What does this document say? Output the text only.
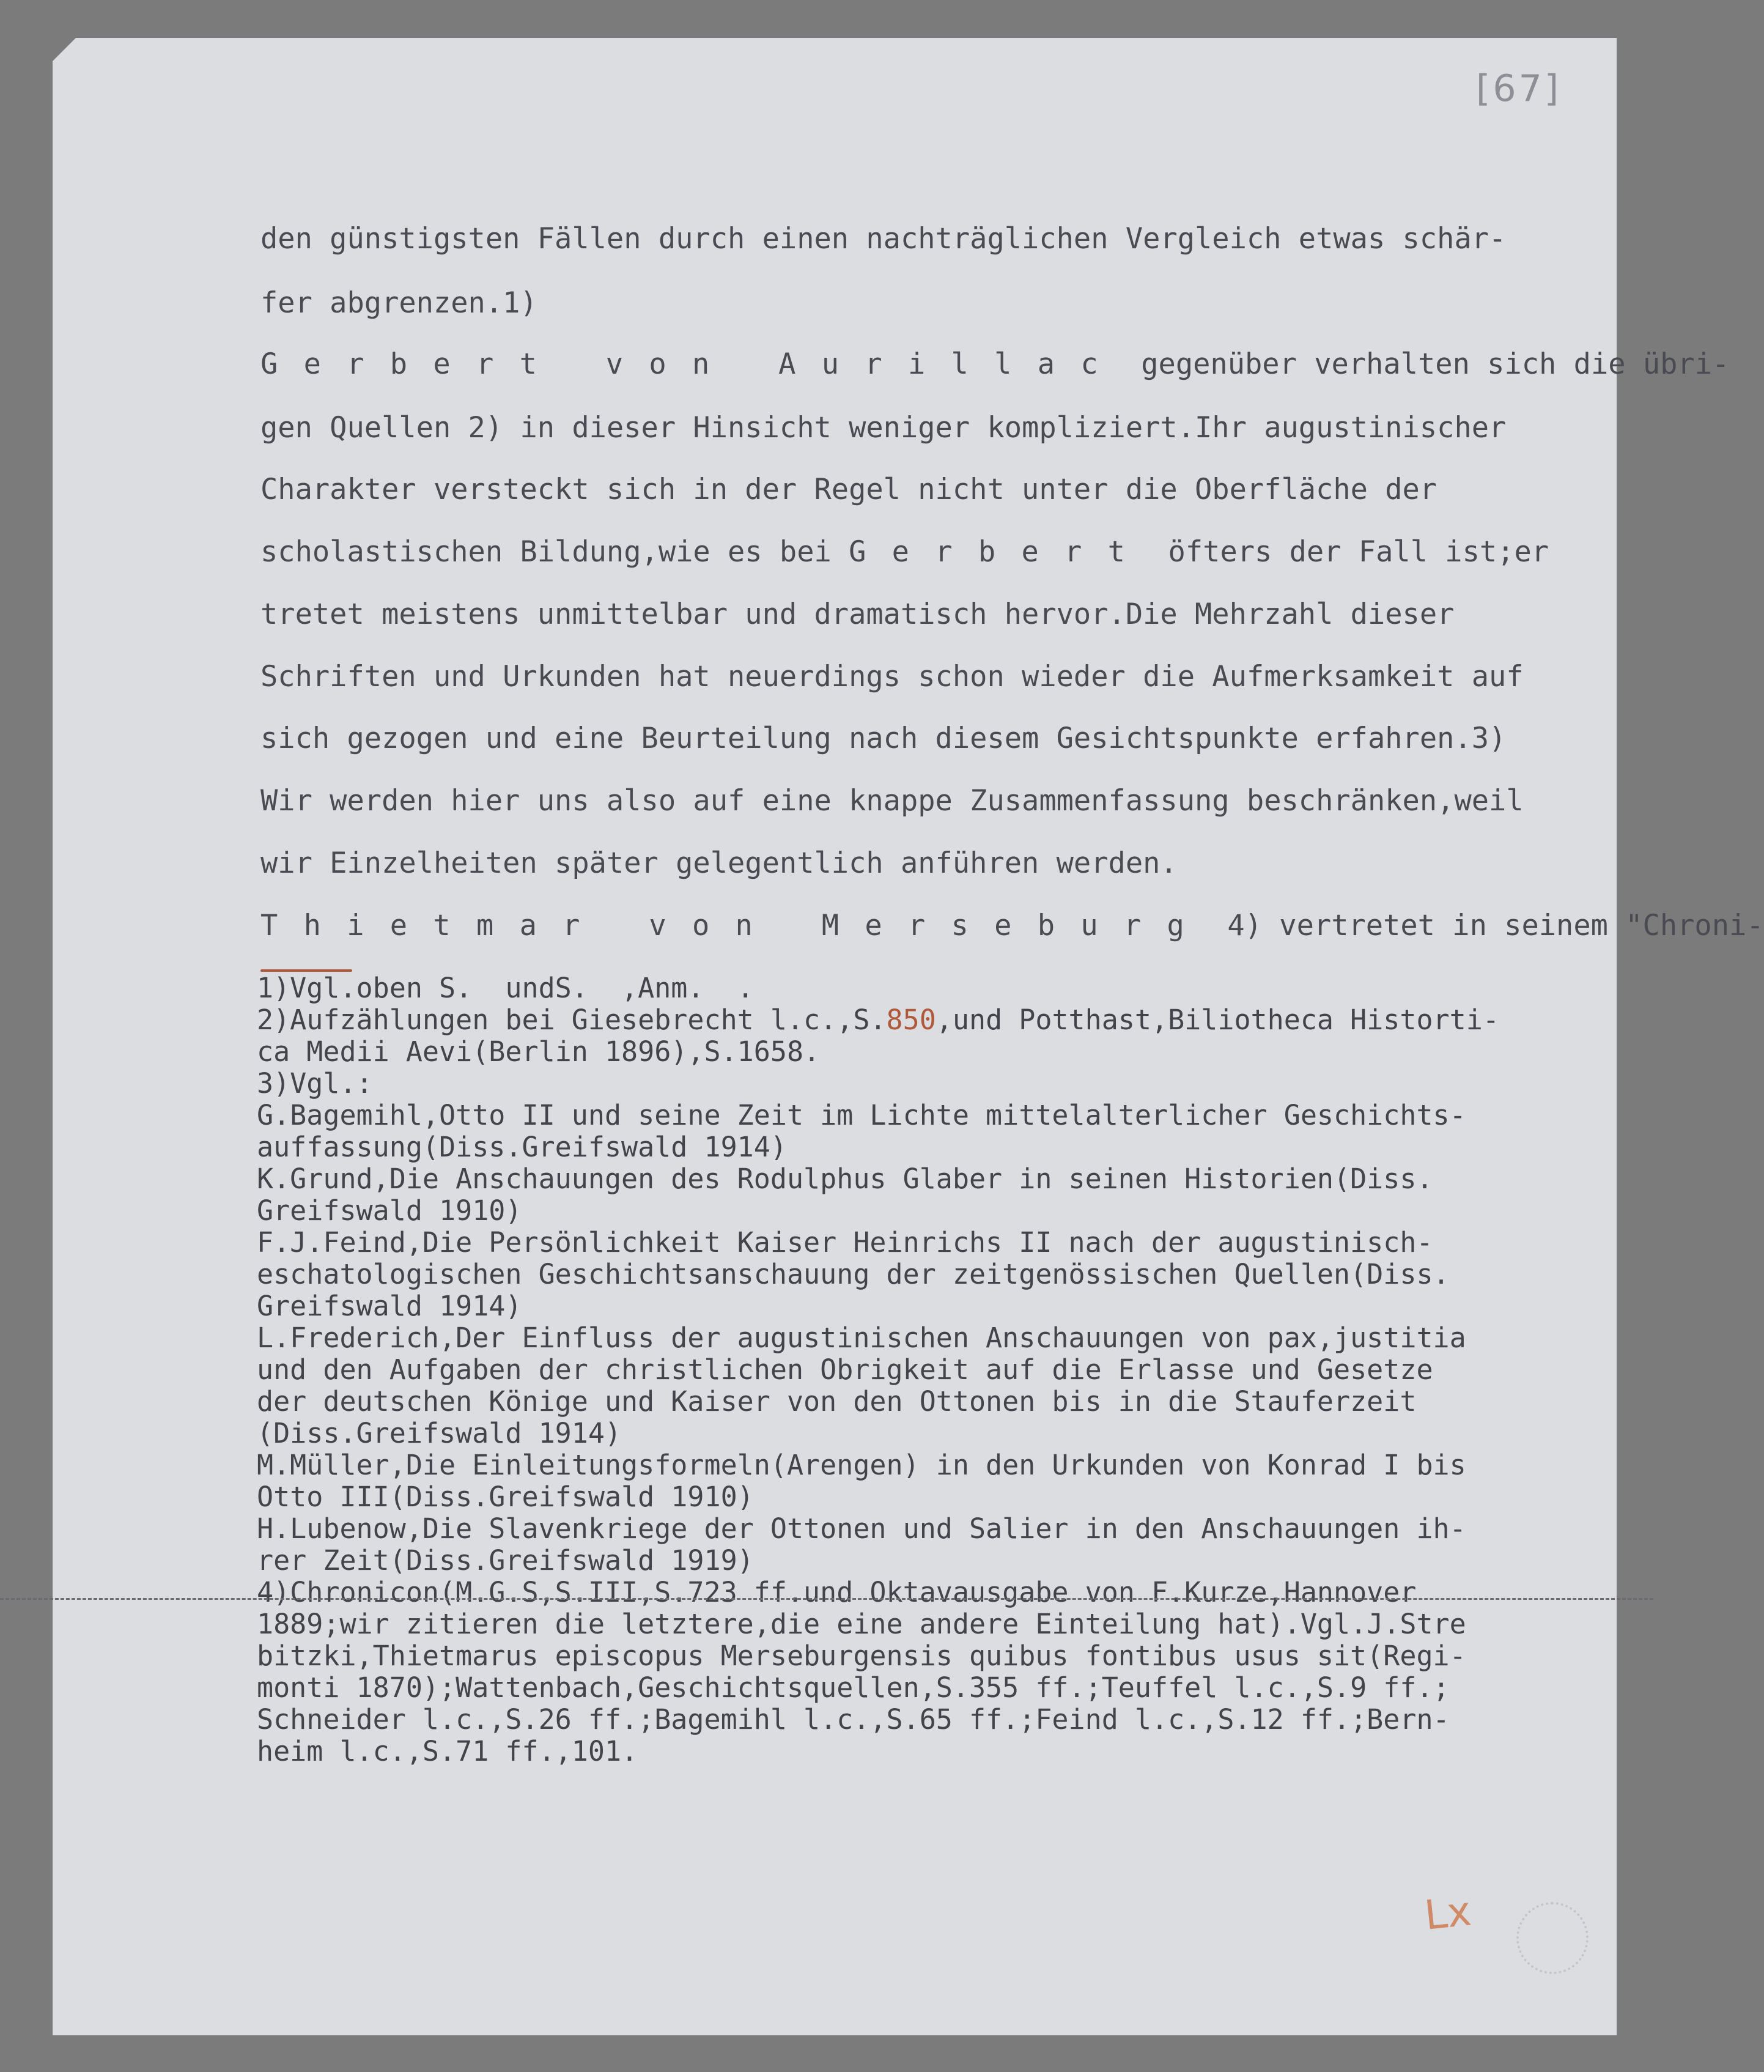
[67]

den günstigsten Fällen durch einen nachträglichen Vergleich etwas schär-

fer abgrenzen.1)

Gerbert von Aurillac gegenüber verhalten sich die übri-

gen Quellen 2) in dieser Hinsicht weniger kompliziert.Ihr augustinischer

Charakter versteckt sich in der Regel nicht unter die Oberfläche der

scholastischen Bildung,wie es bei Gerbert öfters der Fall ist;er

tretet meistens unmittelbar und dramatisch hervor.Die Mehrzahl dieser

Schriften und Urkunden hat neuerdings schon wieder die Aufmerksamkeit auf

sich gezogen und eine Beurteilung nach diesem Gesichtspunkte erfahren.3)

Wir werden hier uns also auf eine knappe Zusammenfassung beschränken,weil

wir Einzelheiten später gelegentlich anführen werden.

Thietmar von Merseburg 4) vertretet in seinem "Chroni-

1)Vgl.oben S.  undS.  ,Anm.  .

2)Aufzählungen bei Giesebrecht l.c.,S.850,und Potthast,Biliotheca Historti-

ca Medii Aevi(Berlin 1896),S.1658.

3)Vgl.:

G.Bagemihl,Otto II und seine Zeit im Lichte mittelalterlicher Geschichts-

auffassung(Diss.Greifswald 1914)

K.Grund,Die Anschauungen des Rodulphus Glaber in seinen Historien(Diss.

Greifswald 1910)

F.J.Feind,Die Persönlichkeit Kaiser Heinrichs II nach der augustinisch-

eschatologischen Geschichtsanschauung der zeitgenössischen Quellen(Diss.

Greifswald 1914)

L.Frederich,Der Einfluss der augustinischen Anschauungen von pax,justitia

und den Aufgaben der christlichen Obrigkeit auf die Erlasse und Gesetze

der deutschen Könige und Kaiser von den Ottonen bis in die Stauferzeit

(Diss.Greifswald 1914)

M.Müller,Die Einleitungsformeln(Arengen) in den Urkunden von Konrad I bis

Otto III(Diss.Greifswald 1910)

H.Lubenow,Die Slavenkriege der Ottonen und Salier in den Anschauungen ih-

rer Zeit(Diss.Greifswald 1919)

4)Chronicon(M.G.S,S.III,S.723 ff.und Oktavausgabe von F.Kurze,Hannover

1889;wir zitieren die letztere,die eine andere Einteilung hat).Vgl.J.Stre

bitzki,Thietmarus episcopus Merseburgensis quibus fontibus usus sit(Regi-

monti 1870);Wattenbach,Geschichtsquellen,S.355 ff.;Teuffel l.c.,S.9 ff.;

Schneider l.c.,S.26 ff.;Bagemihl l.c.,S.65 ff.;Feind l.c.,S.12 ff.;Bern-

heim l.c.,S.71 ff.,101.

Lx
